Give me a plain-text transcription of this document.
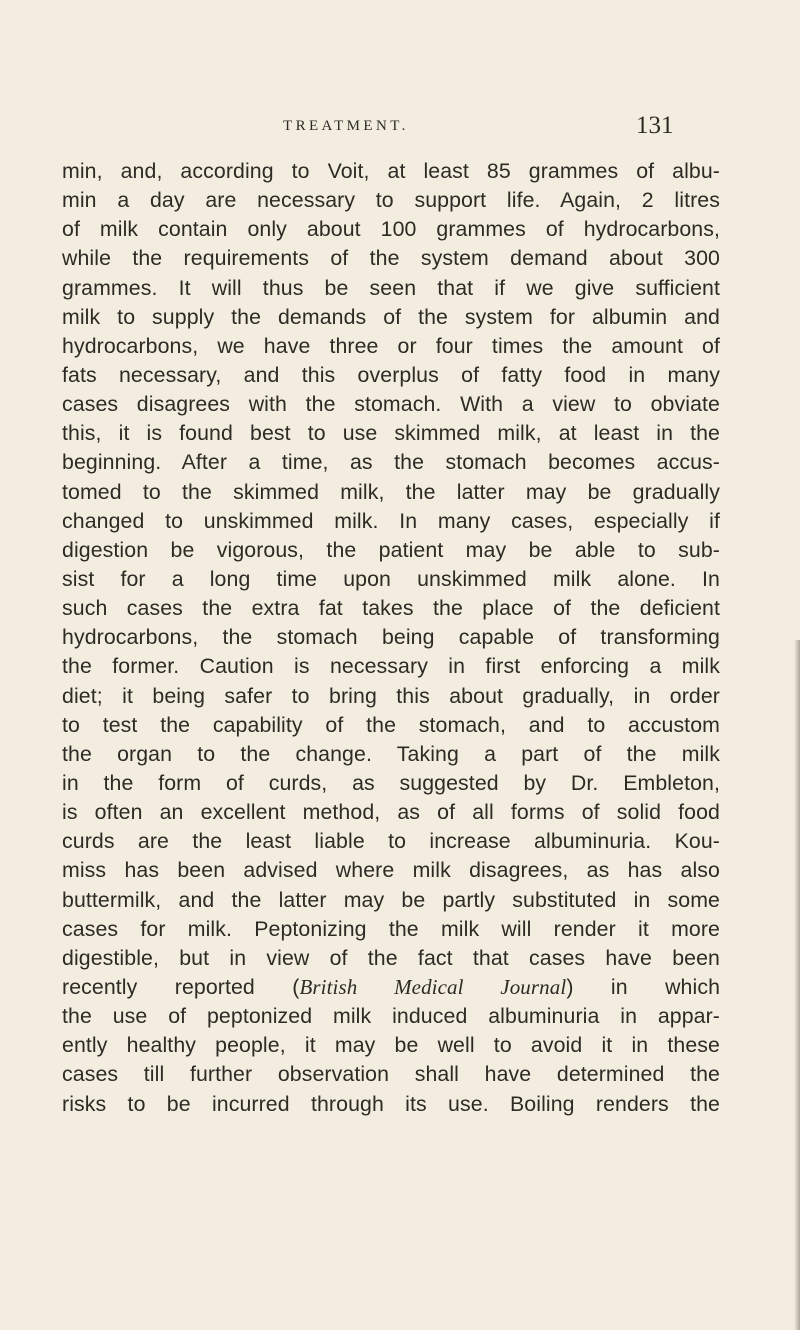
TREATMENT.	131
min, and, according to Voit, at least 85 grammes of albu-
min a day are necessary to support life. Again, 2 litres
of milk contain only about 100 grammes of hydrocarbons,
while the requirements of the system demand about 300
grammes. It will thus be seen that if we give sufficient
milk to supply the demands of the system for albumin and
hydrocarbons, we have three or four times the amount of
fats necessary, and this overplus of fatty food in many
cases disagrees with the stomach. With a view to obviate
this, it is found best to use skimmed milk, at least in the
beginning. After a time, as the stomach becomes accus-
tomed to the skimmed milk, the latter may be gradually
changed to unskimmed milk. In many cases, especially if
digestion be vigorous, the patient may be able to sub-
sist for a long time upon unskimmed milk alone. In
such cases the extra fat takes the place of the deficient
hydrocarbons, the stomach being capable of transforming
the former. Caution is necessary in first enforcing a milk
diet; it being safer to bring this about gradually, in order
to test the capability of the stomach, and to accustom
the organ to the change. Taking a part of the milk
in the form of curds, as suggested by Dr. Embleton,
is often an excellent method, as of all forms of solid food
curds are the least liable to increase albuminuria. Kou-
miss has been advised where milk disagrees, as has also
buttermilk, and the latter may be partly substituted in some
cases for milk. Peptonizing the milk will render it more
digestible, but in view of the fact that cases have been
recently reported (British Medical Journal) in which
the use of peptonized milk induced albuminuria in appar-
ently healthy people, it may be well to avoid it in these
cases till further observation shall have determined the
risks to be incurred through its use. Boiling renders the
